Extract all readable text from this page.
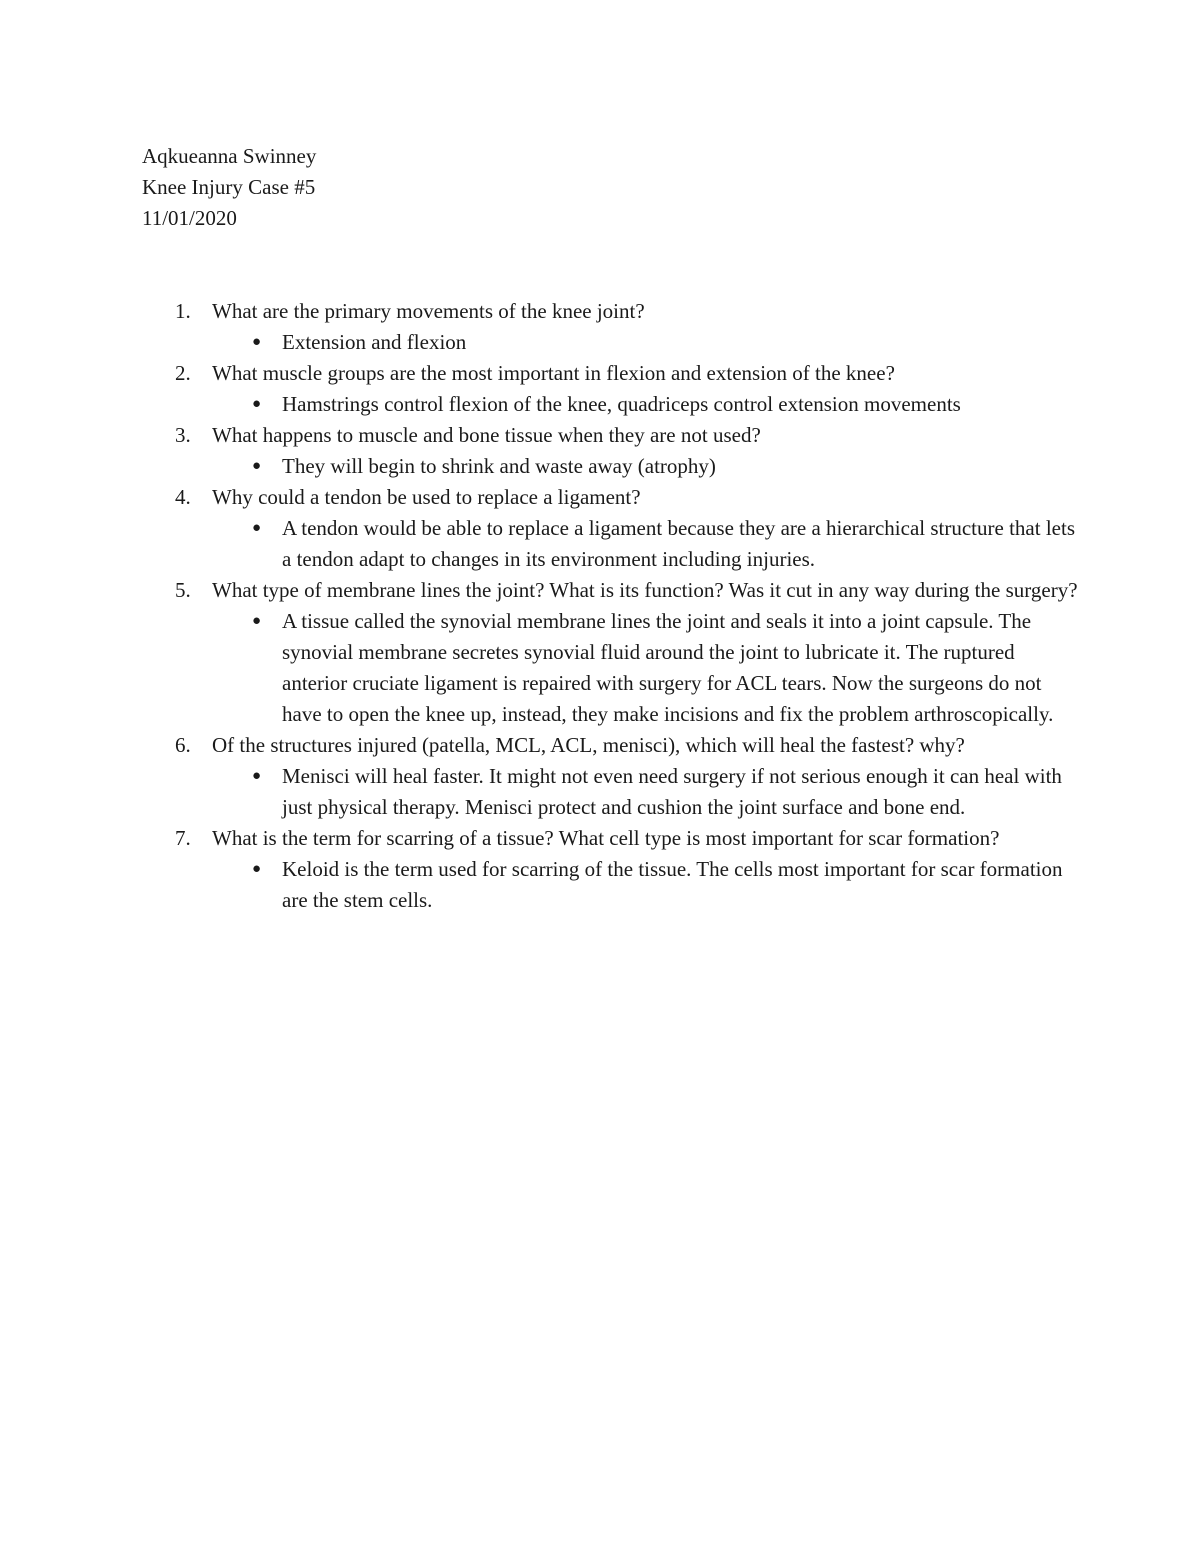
Aqkueanna Swinney
Knee Injury Case #5
11/01/2020
1.	What are the primary movements of the knee joint?
● Extension and flexion
2.	What muscle groups are the most important in flexion and extension of the knee?
● Hamstrings control flexion of the knee, quadriceps control extension movements
3.	What happens to muscle and bone tissue when they are not used?
● They will begin to shrink and waste away (atrophy)
4.	Why could a tendon be used to replace a ligament?
● A tendon would be able to replace a ligament because they are a hierarchical structure that lets a tendon adapt to changes in its environment including injuries.
5.	What type of membrane lines the joint? What is its function? Was it cut in any way during the surgery?
● A tissue called the synovial membrane lines the joint and seals it into a joint capsule. The synovial membrane secretes synovial fluid around the joint to lubricate it. The ruptured anterior cruciate ligament is repaired with surgery for ACL tears. Now the surgeons do not have to open the knee up, instead, they make incisions and fix the problem arthroscopically.
6.	Of the structures injured (patella, MCL, ACL, menisci), which will heal the fastest? why?
● Menisci will heal faster. It might not even need surgery if not serious enough it can heal with just physical therapy. Menisci protect and cushion the joint surface and bone end.
7.	What is the term for scarring of a tissue? What cell type is most important for scar formation?
● Keloid is the term used for scarring of the tissue. The cells most important for scar formation are the stem cells.
